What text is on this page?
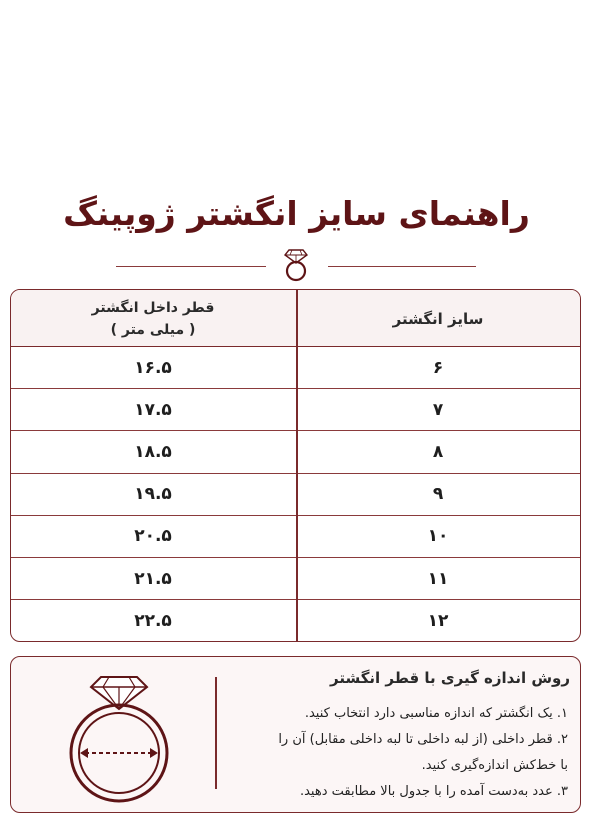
راهنمای سایز انگشتر ژوپینگ
سایز انگشتر
قطر داخل انگشتر
( میلی متر )
۶
۱۶.۵
۷
۱۷.۵
۸
۱۸.۵
۹
۱۹.۵
۱۰
۲۰.۵
۱۱
۲۱.۵
۱۲
۲۲.۵
روش اندازه گیری با قطر انگشتر
۱. یک انگشتر که اندازه مناسبی دارد انتخاب کنید.
۲. قطر داخلی (از لبه داخلی تا لبه داخلی مقابل) آن را
با خط‌کش اندازه‌گیری کنید.
۳. عدد به‌دست آمده را با جدول بالا مطابقت دهید.
